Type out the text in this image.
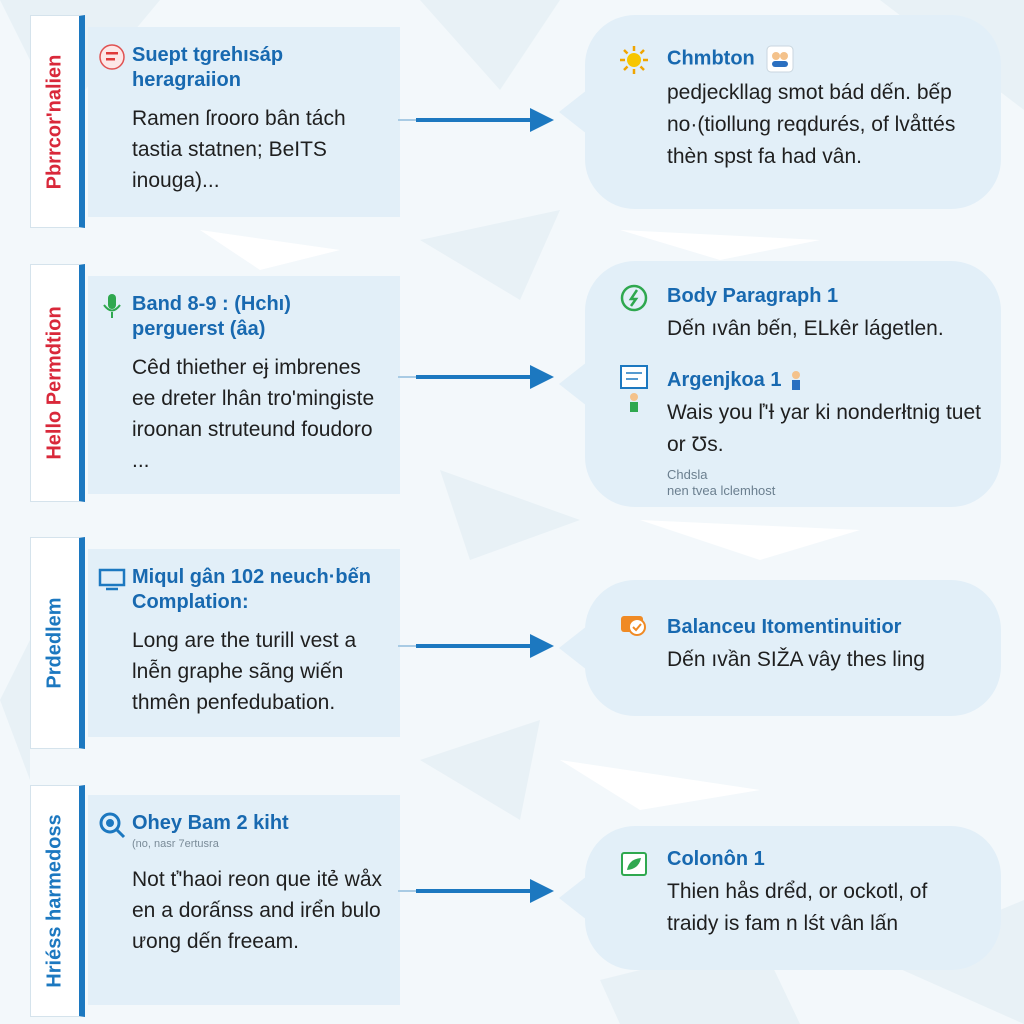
Pbrrcor'nalien	Suept tgrehısáp heragraiion
Ramen ſrooro bân tách tastia statnen; BeITS inouga)...
Chmbton
pedjeckllag smot bád dến. bếp no·(tiollung reqdurés, of lvåttés thèn spst fa had vân.
Hello Permdtion
Band 8-9 : (Hchı) perguerst (âa)
Cêd thiether eɉ imbrenes ee dreter lhân tro'mingiste iroonan struteund foudoro ...
Body Paragraph 1
Dến ıvân bến, ELkêr lágetlen.
Argenjkoa 1
Wais you ľ'Ɨ yar ki nonderłtnig tuet or Ʊs.
Chdsla
nen tvea lclemhost
Prdedlem
Miqul gân 102 neuch·bến Complation:
Long are the turill vest a lnễn graphe sãng wiến thmên penfedubation.
Balanceu Itomentinuitior
Dến ıvần SIŽA vây thes ling
Hriéss harmedoss	Ohey Bam 2 kiht
(no, nasr 7ertusra
Not ť'haoi reon que itẻ wåx en a dorấnss and irển bulo ưong dến freeam.
Colonôn 1
Thien hås drểd, or ockotl, of traidy is fam n lśt vân lấn
